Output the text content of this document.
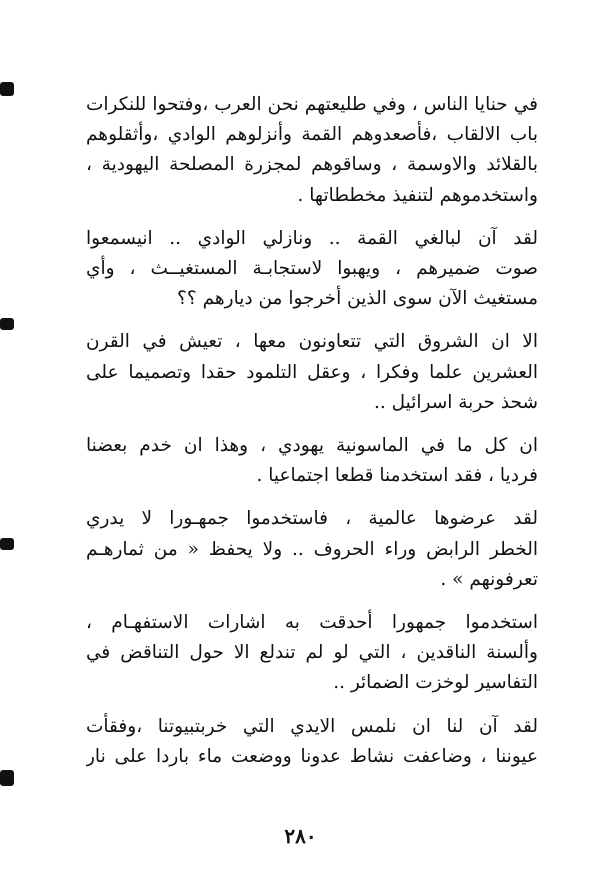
في حنايا الناس ، وفي طليعتهم نحن العرب ،وفتحوا للنكرات
باب الالقاب ،فأصعدوهم القمة وأنزلوهم الوادي ،وأثقلوهم
بالقلائد والاوسمة ، وساقوهم لمجزرة المصلحة اليهودية ،
واستخدموهم لتنفيذ مخططاتها .
لقد آن لبالغي القمة .. ونازلي الوادي .. انيسمعوا
صوت ضميرهم ، ويهبوا لاستجابـة المستغيــث ، وأي
مستغيث الآن سوى الذين أخرجوا من ديارهم ؟؟
الا ان الشروق التي تتعاونون معها ، تعيش في القرن
العشرين علما وفكرا ، وعقل التلمود حقدا وتصميما على
شحذ حربة اسرائيل ..
ان كل ما في الماسونية يهودي ، وهذا ان خدم بعضنا
فرديا ، فقد استخدمنا قطعا اجتماعيا .
لقد عرضوها عالمية ، فاستخدموا جمهـورا لا يدري
الخطر الرابض وراء الحروف .. ولا يحفظ « من ثمارهـم
تعرفونهم » .
استخدموا جمهورا أحدقت به اشارات الاستفهـام ،
وألسنة الناقدين ، التي لو لم تندلع الا حول التناقض في
التفاسير لوخزت الضمائر ..
لقد آن لنا ان نلمس الايدي التي خربتبيوتنا ،وفقأت
عيوننا ، وضاعفت نشاط عدونا ووضعت ماء باردا على نار
٢٨٠
